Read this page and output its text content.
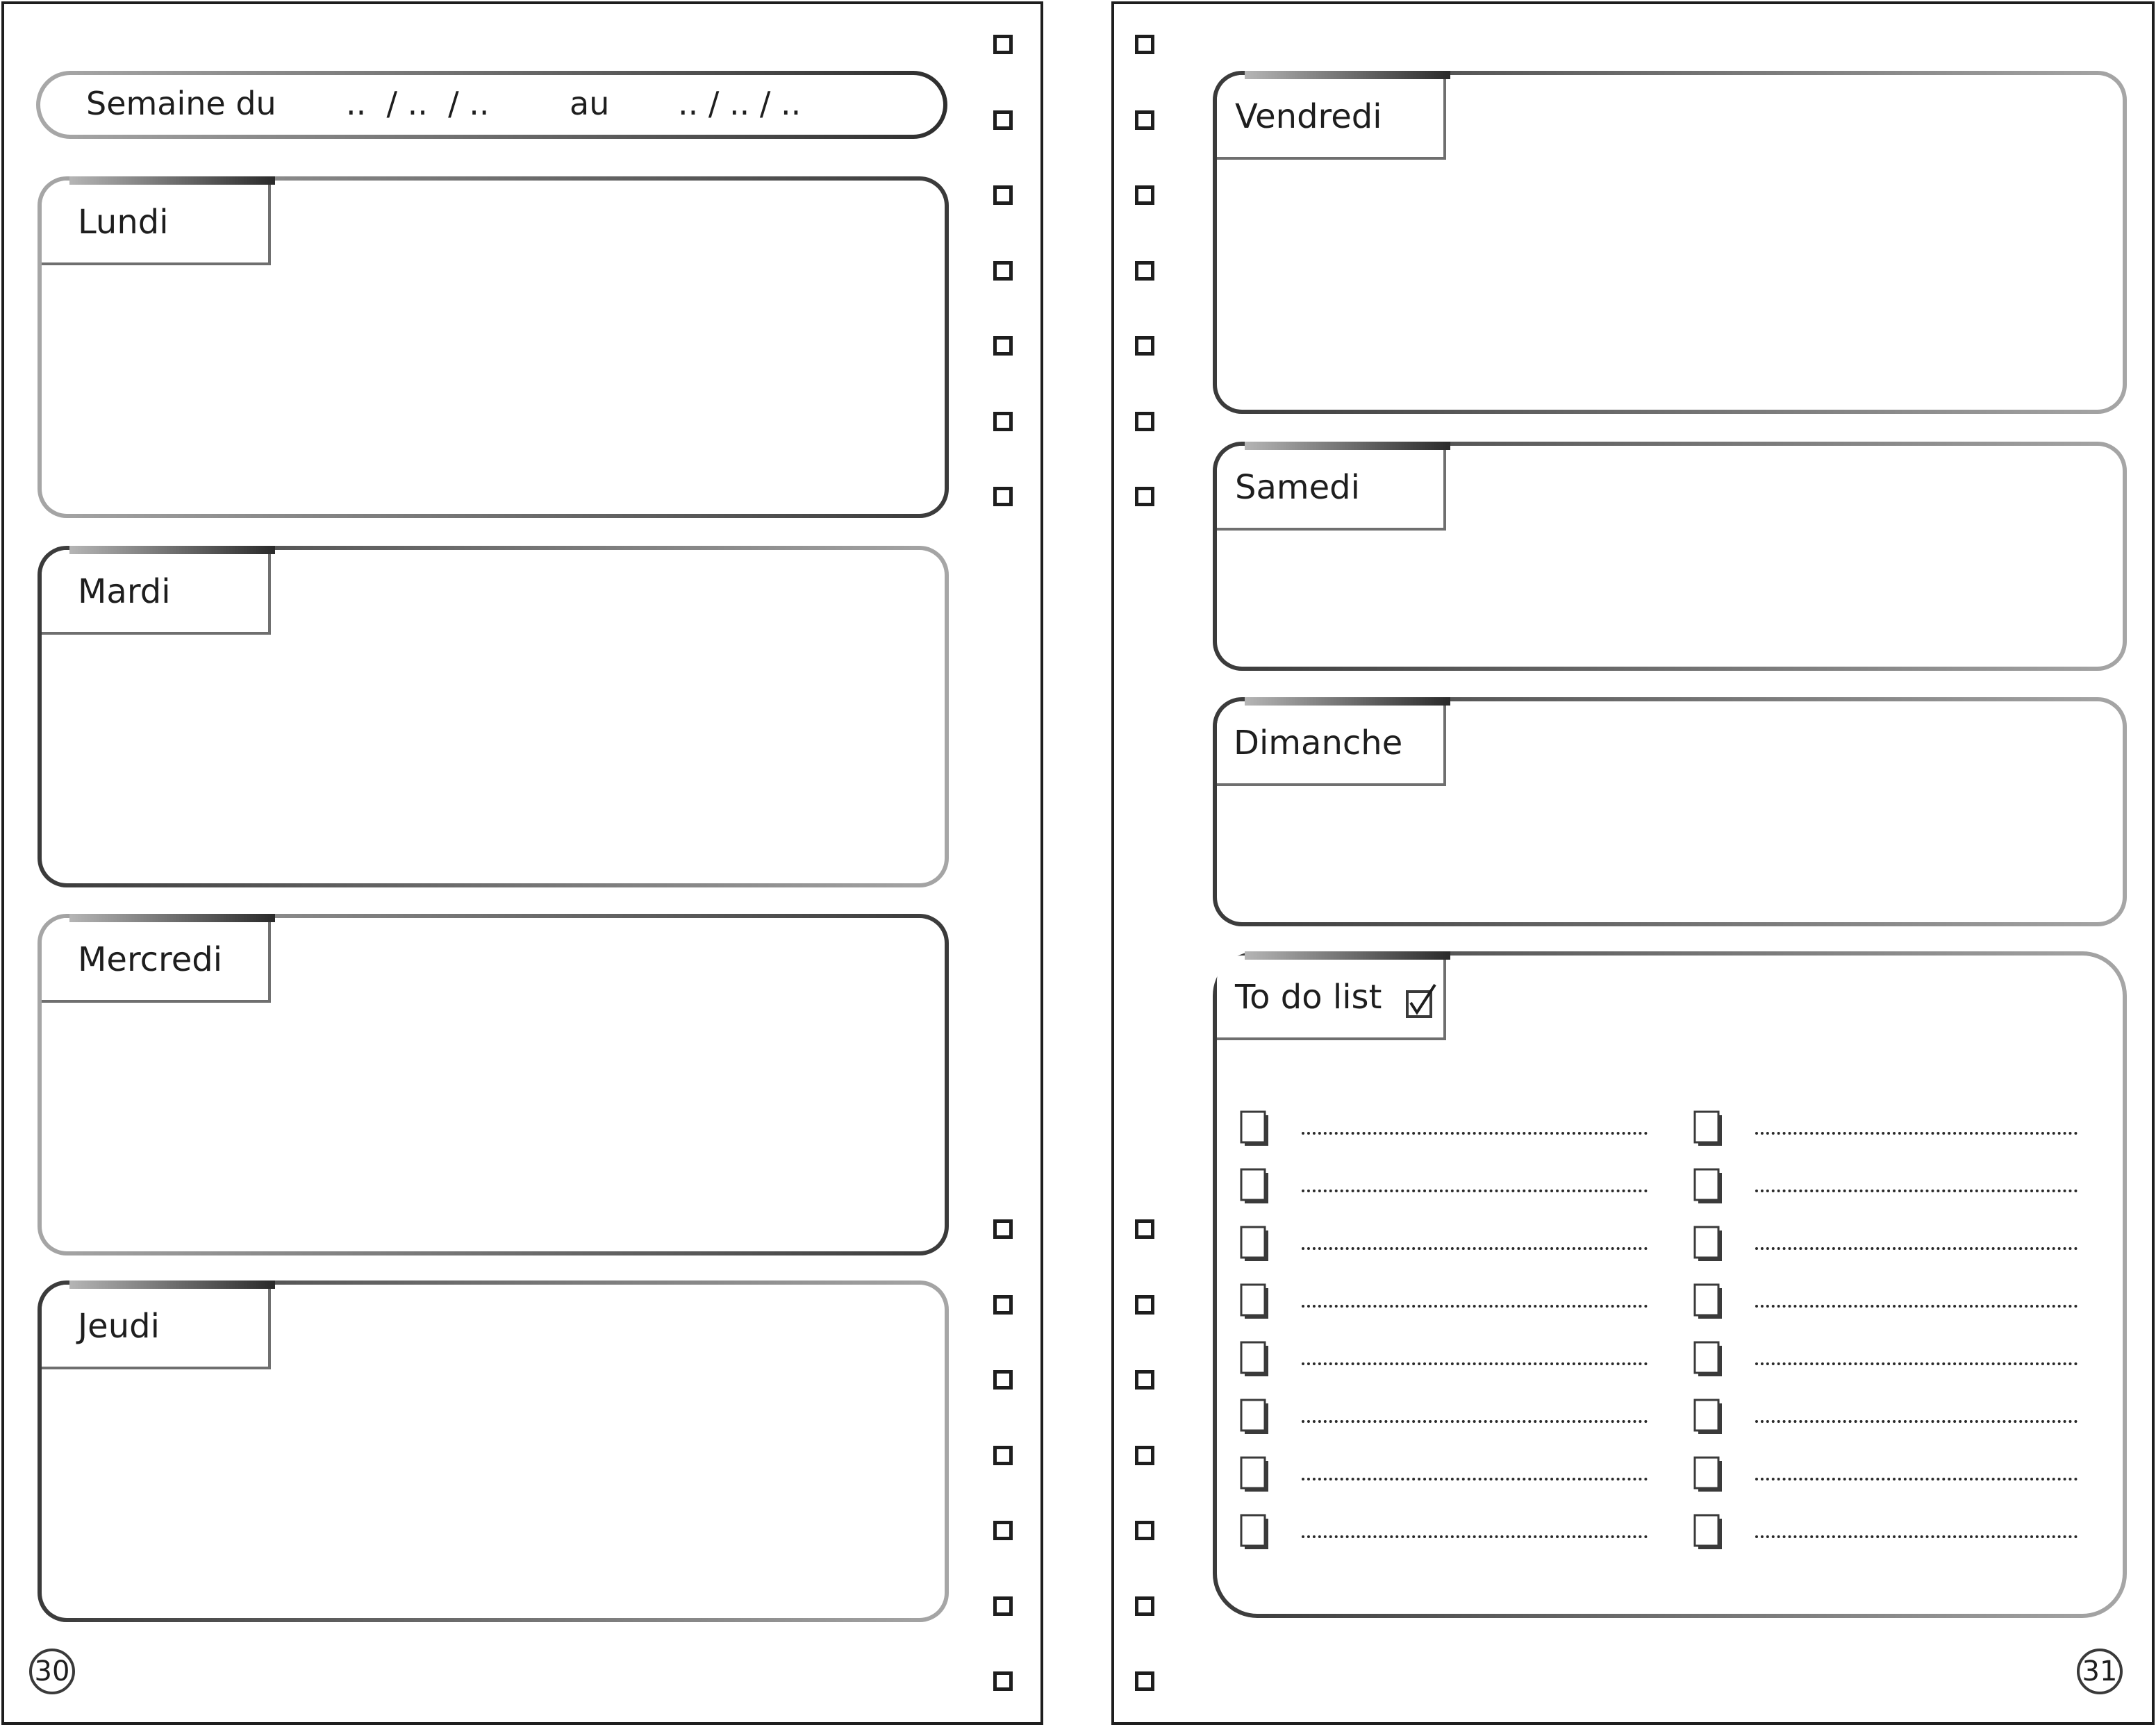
Semaine du ..  / ..  / ..	au .. / .. / ..
Lundi
Mardi
Mercredi
Jeudi
30
Vendredi
Samedi
Dimanche
To do list
31
